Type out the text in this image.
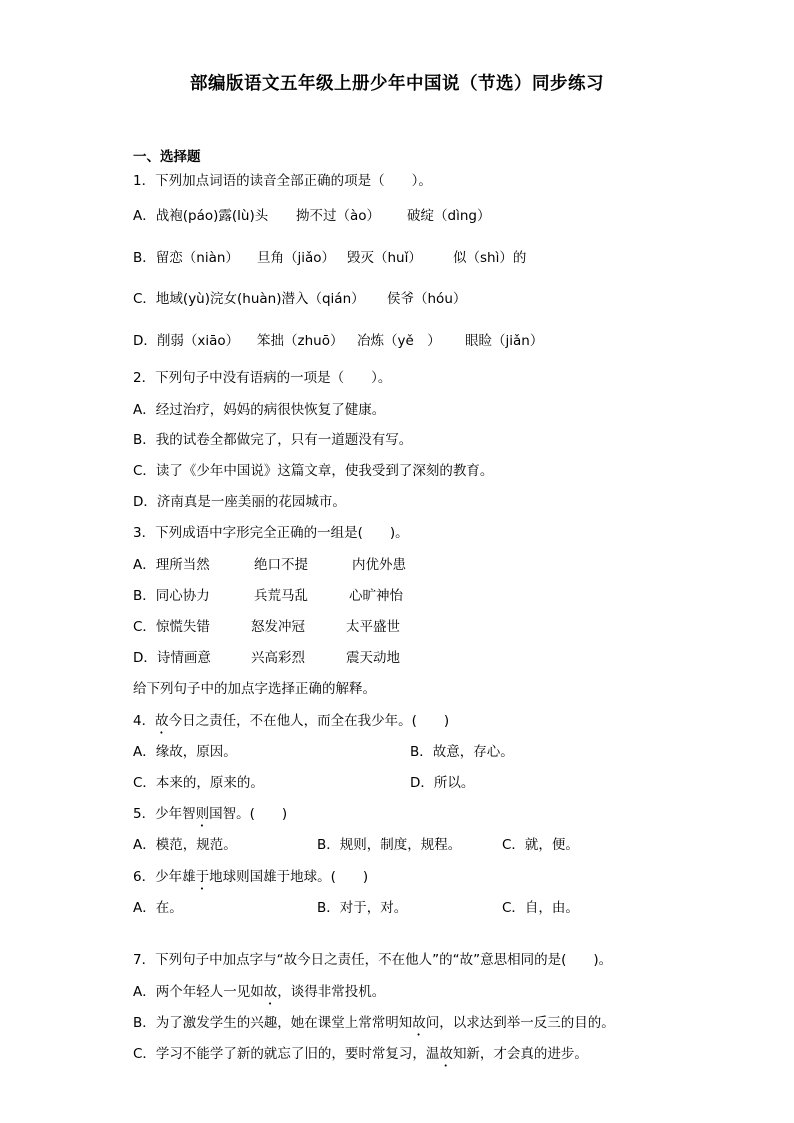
部编版语文五年级上册少年中国说（节选）同步练习
一、选择题
1．下列加点词语的读音全部正确的项是（　　）。
A．战袍(páo)露(lù)头 拗不过（ào） 破绽（dìng）
B．留恋（niàn） 旦角（jiǎo） 毁灭（huǐ） 似（shì）的
C．地域(yù)浣女(huàn)潜入（qián） 侯爷（hóu）
D．削弱（xiāo） 笨拙（zhuō） 冶炼（yě　） 眼睑（jiǎn）
2．下列句子中没有语病的一项是（　　）。
A．经过治疗，妈妈的病很快恢复了健康。
B．我的试卷全都做完了，只有一道题没有写。
C．读了《少年中国说》这篇文章，使我受到了深刻的教育。
D．济南真是一座美丽的花园城市。
3．下列成语中字形完全正确的一组是(　　)。
A．理所当然	绝口不提	内优外患
B．同心协力	兵荒马乱	心旷神怡
C．惊慌失错	怒发冲冠	太平盛世
D．诗情画意	兴高彩烈	震天动地
给下列句子中的加点字选择正确的解释。
4．故今日之责任，不在他人，而全在我少年。(　　)
A．缘故，原因。	B．故意，存心。
C．本来的，原来的。	D．所以。
5．少年智则国智。(　　)
A．模范，规范。	B．规则，制度，规程。	C．就，便。
6．少年雄于地球则国雄于地球。(　　)
A．在。	B．对于，对。	C．自，由。
7．下列句子中加点字与“故今日之责任，不在他人”的“故”意思相同的是(　　)。
A．两个年轻人一见如故，谈得非常投机。
B．为了激发学生的兴趣，她在课堂上常常明知故问，以求达到举一反三的目的。
C．学习不能学了新的就忘了旧的，要时常复习，温故知新，才会真的进步。
